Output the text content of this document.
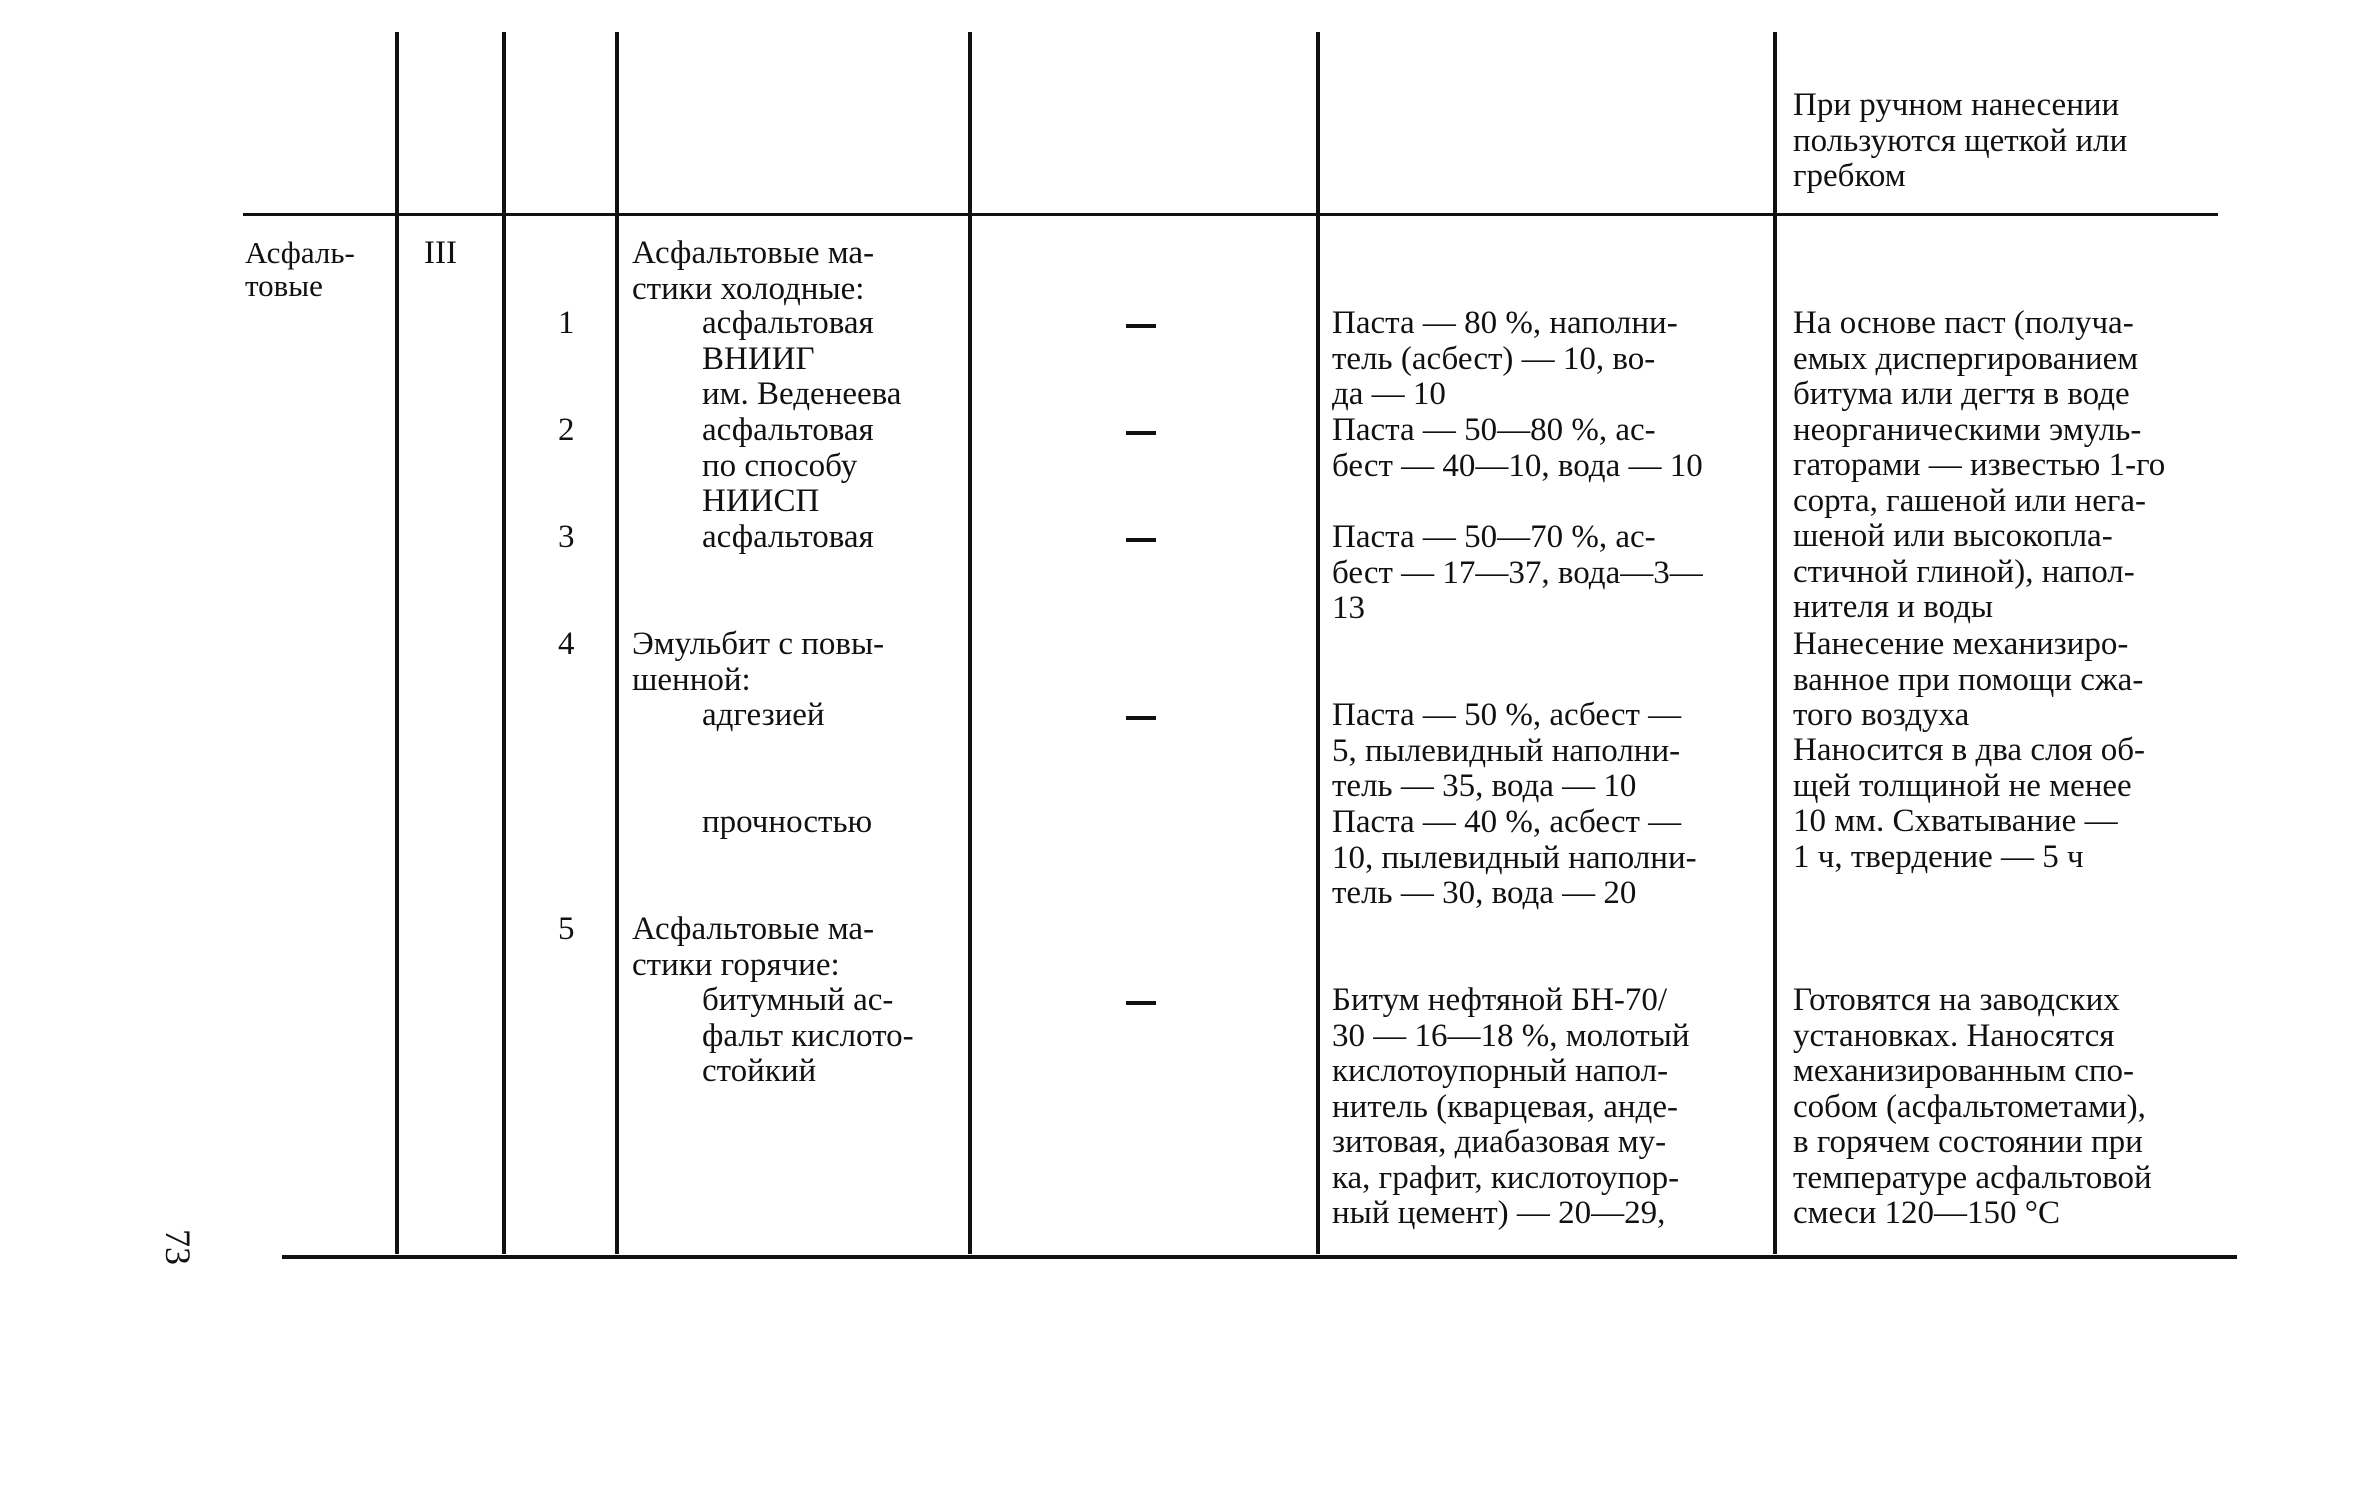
При ручном нанесении
пользуются щеткой или
гребком
Асфаль-
товые
III
1
2
3
4
5
Асфальтовые ма-
стики холодные:
асфальтовая
ВНИИГ
им. Веденеева
асфальтовая
по способу
НИИСП
асфальтовая
Эмульбит с повы-
шенной:
адгезией
прочностью
Асфальтовые ма-
стики горячие:
битумный ас-
фальт кислото-
стойкий
Паста — 80 %, наполни-
тель (асбест) — 10, во-
да — 10
Паста — 50—80 %, ас-
бест — 40—10, вода — 10
Паста — 50—70 %, ас-
бест — 17—37, вода—3—
13
Паста — 50 %, асбест —
5, пылевидный наполни-
тель — 35, вода — 10
Паста — 40 %, асбест —
10, пылевидный наполни-
тель — 30, вода — 20
Битум нефтяной БН-70/
30 — 16—18 %, молотый
кислотоупорный напол-
нитель (кварцевая, анде-
зитовая, диабазовая му-
ка, графит, кислотоупор-
ный цемент) — 20—29,
На основе паст (получа-
емых диспергированием
битума или дегтя в воде
неорганическими эмуль-
гаторами — известью 1-го
сорта, гашеной или нега-
шеной или высокопла-
стичной глиной), напол-
нителя и воды
Нанесение механизиро-
ванное при помощи сжа-
того воздуха
Наносится в два слоя об-
щей толщиной не менее
10 мм. Схватывание —
1 ч, твердение — 5 ч
Готовятся на заводских
установках. Наносятся
механизированным спо-
собом (асфальтометами),
в горячем состоянии при
температуре асфальтовой
смеси 120—150 °С
73
